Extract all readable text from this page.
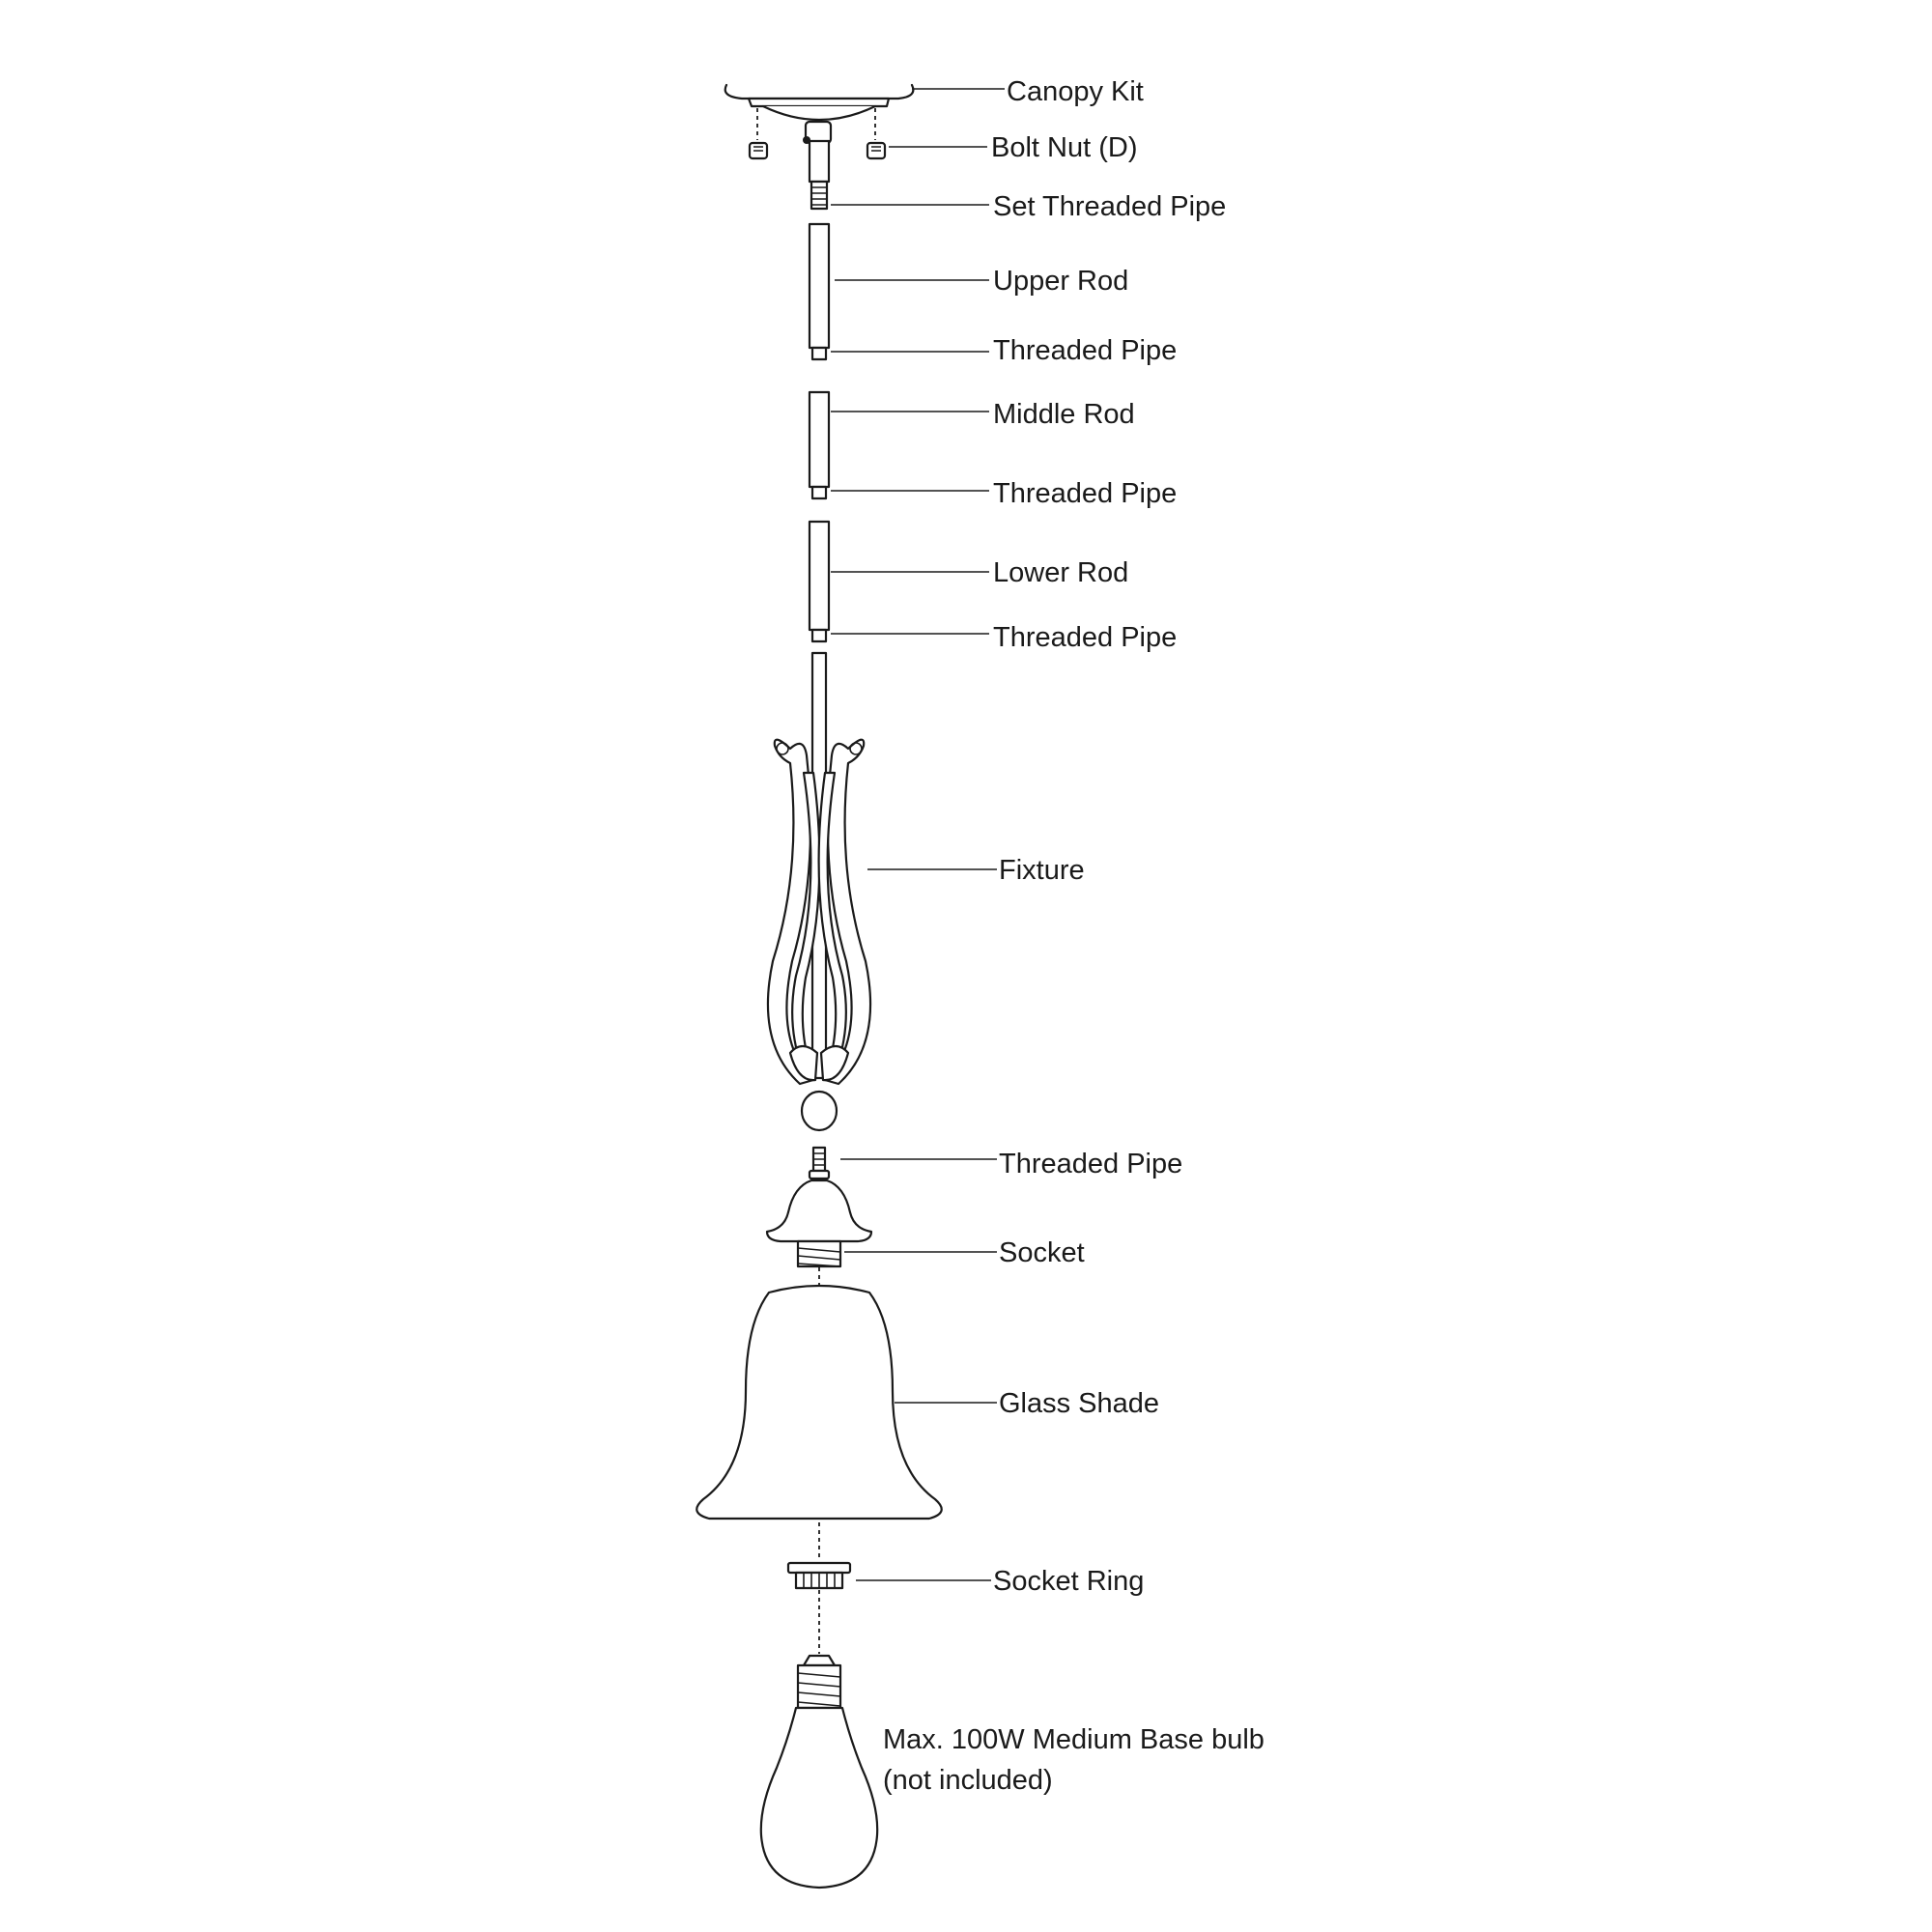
Canopy Kit
Bolt Nut (D)
Set Threaded Pipe
Upper Rod
Threaded Pipe
Middle Rod
Threaded Pipe
Lower Rod
Threaded Pipe
Fixture
Threaded Pipe
Socket
Glass Shade
Socket Ring
Max. 100W Medium Base bulb
(not included)
